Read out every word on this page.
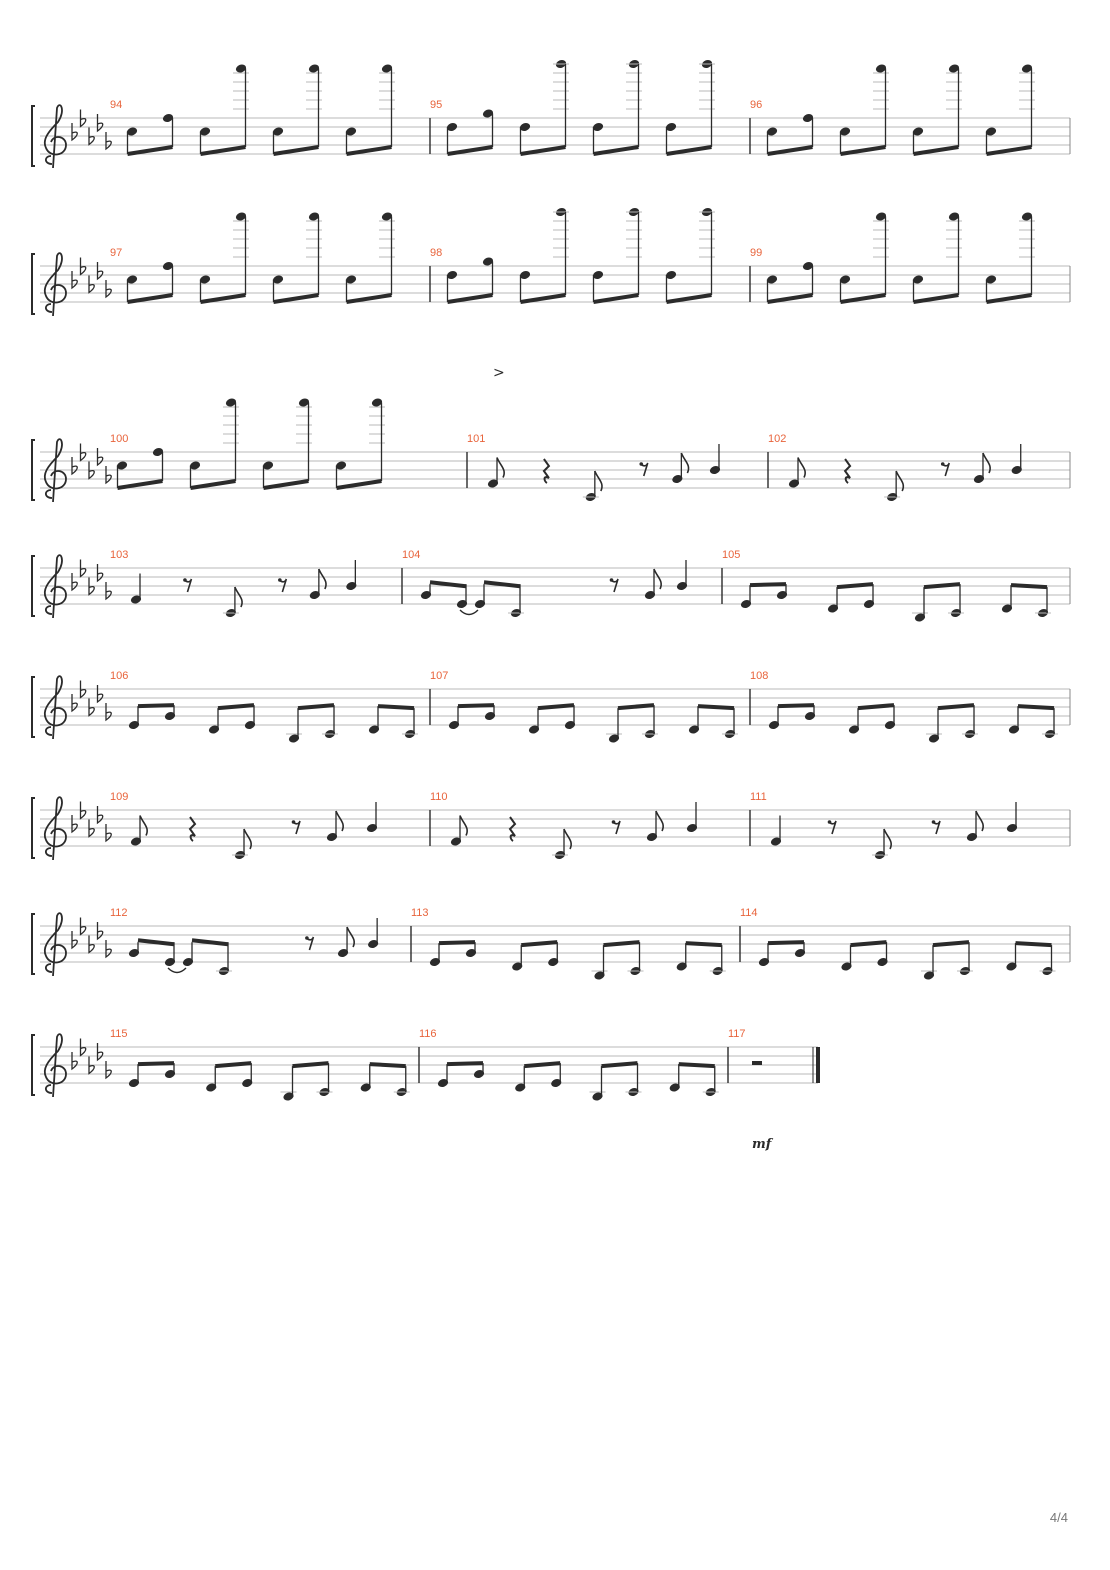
94	95	96
97	98	99
100	101	102
103	104	105
106	107	108
109	110	111
112	113	114
115	116	117
>
mf
4/4
